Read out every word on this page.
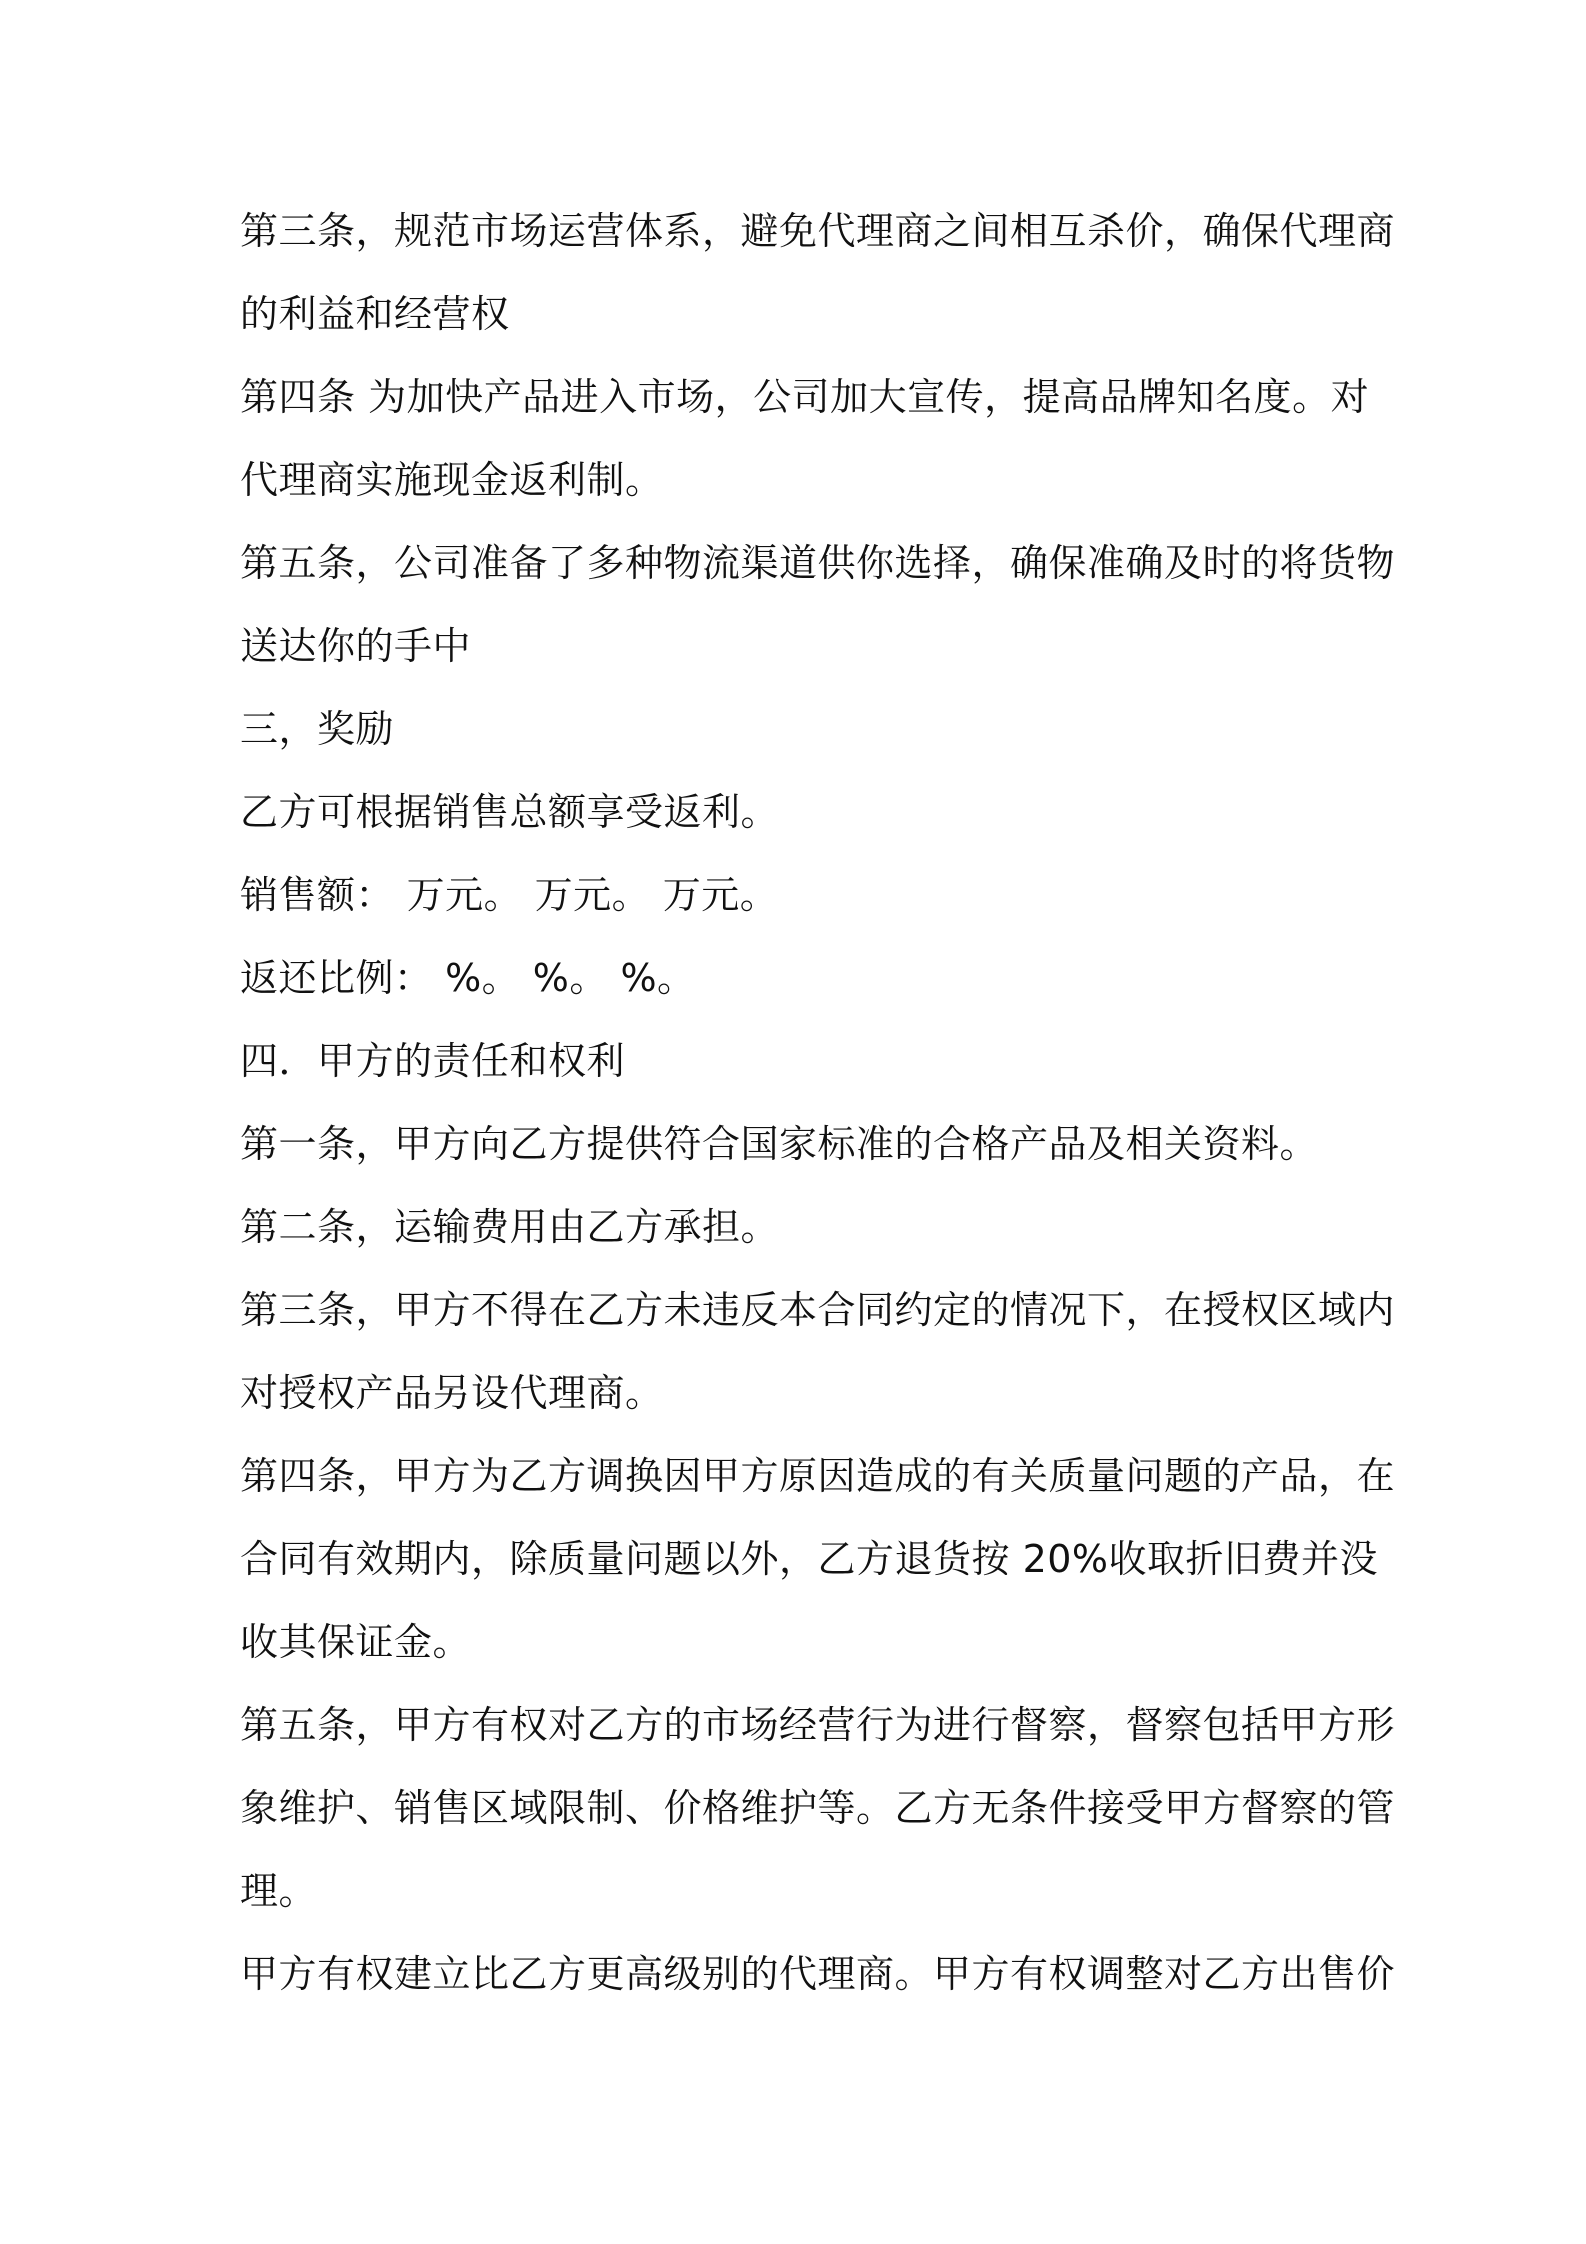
第三条，规范市场运营体系，避免代理商之间相互杀价，确保代理商
的利益和经营权
第四条 为加快产品进入市场，公司加大宣传，提高品牌知名度。对
代理商实施现金返利制。
第五条，公司准备了多种物流渠道供你选择，确保准确及时的将货物
送达你的手中
三，奖励
乙方可根据销售总额享受返利。
销售额： 万元。 万元。 万元。
返还比例： %。 %。 %。
四．甲方的责任和权利
第一条，甲方向乙方提供符合国家标准的合格产品及相关资料。
第二条，运输费用由乙方承担。
第三条，甲方不得在乙方未违反本合同约定的情况下，在授权区域内
对授权产品另设代理商。
第四条，甲方为乙方调换因甲方原因造成的有关质量问题的产品，在
合同有效期内，除质量问题以外，乙方退货按 20%收取折旧费并没
收其保证金。
第五条，甲方有权对乙方的市场经营行为进行督察，督察包括甲方形
象维护、销售区域限制、价格维护等。乙方无条件接受甲方督察的管
理。
甲方有权建立比乙方更高级别的代理商。甲方有权调整对乙方出售价
